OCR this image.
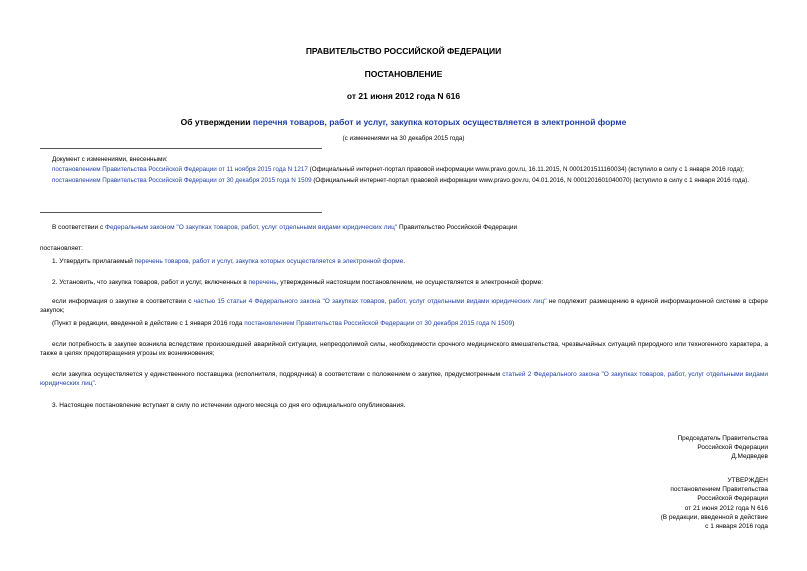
ПРАВИТЕЛЬСТВО РОССИЙСКОЙ ФЕДЕРАЦИИ
ПОСТАНОВЛЕНИЕ
от 21 июня 2012 года N 616
Об утверждении перечня товаров, работ и услуг, закупка которых осуществляется в электронной форме
(с изменениями на 30 декабря 2015 года)
Документ с изменениями, внесенными:
постановлением Правительства Российской Федерации от 11 ноября 2015 года N 1217 (Официальный интернет-портал правовой информации www.pravo.gov.ru, 16.11.2015, N 0001201511160034) (вступило в силу с 1 января 2016 года);
постановлением Правительства Российской Федерации от 30 декабря 2015 года N 1509 (Официальный интернет-портал правовой информации www.pravo.gov.ru, 04.01.2016, N 0001201601040070) (вступило в силу с 1 января 2016 года).
В соответствии с Федеральным законом "О закупках товаров, работ, услуг отдельными видами юридических лиц" Правительство Российской Федерации
постановляет:
1. Утвердить прилагаемый перечень товаров, работ и услуг, закупка которых осуществляется в электронной форме.
2. Установить, что закупка товаров, работ и услуг, включенных в перечень, утвержденный настоящим постановлением, не осуществляется в электронной форме:
если информация о закупке в соответствии с частью 15 статьи 4 Федерального закона "О закупках товаров, работ, услуг отдельными видами юридических лиц" не подлежит размещению в единой информационной системе в сфере закупок;
(Пункт в редакции, введенной в действие с 1 января 2016 года постановлением Правительства Российской Федерации от 30 декабря 2015 года N 1509)
если потребность в закупке возникла вследствие произошедшей аварийной ситуации, непреодолимой силы, необходимости срочного медицинского вмешательства, чрезвычайных ситуаций природного или техногенного характера, а также в целях предотвращения угрозы их возникновения;
если закупка осуществляется у единственного поставщика (исполнителя, подрядчика) в соответствии с положением о закупке, предусмотренным статьей 2 Федерального закона "О закупках товаров, работ, услуг отдельными видами юридических лиц".
3. Настоящее постановление вступает в силу по истечении одного месяца со дня его официального опубликования.
Председатель Правительства
Российской Федерации
Д.Медведев
УТВЕРЖДЕН
постановлением Правительства
Российской Федерации
от 21 июня 2012 года N 616
(В редакции, введенной в действие
с 1 января 2016 года
